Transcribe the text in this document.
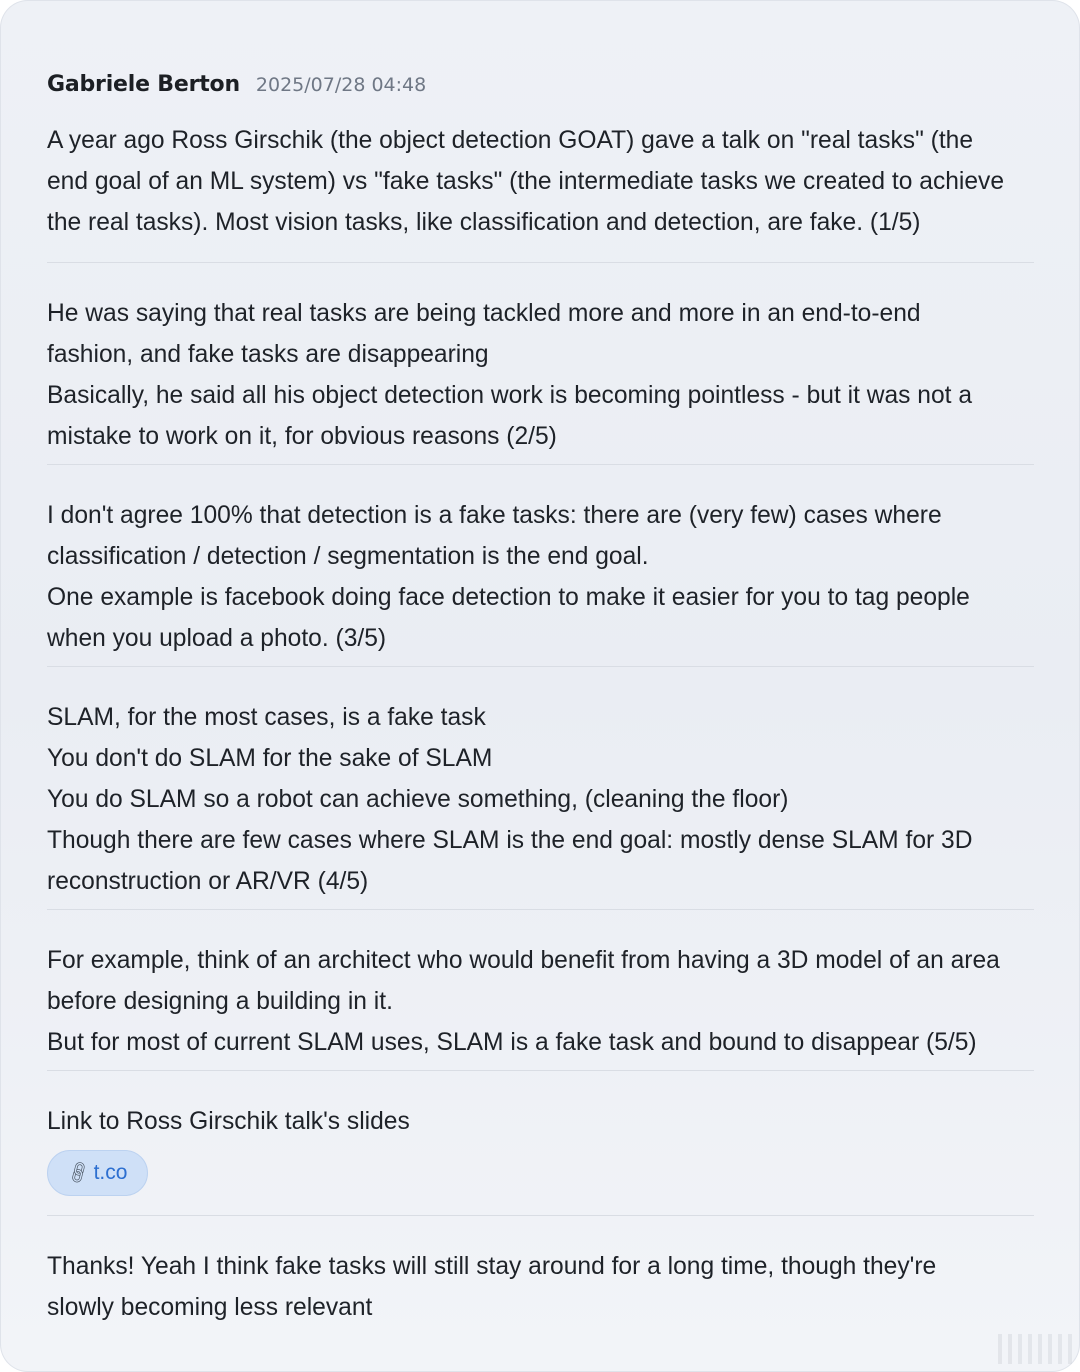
Gabriele Berton 2025/07/28 04:48

A year ago Ross Girschik (the object detection GOAT) gave a talk on "real tasks" (the
end goal of an ML system) vs "fake tasks" (the intermediate tasks we created to achieve
the real tasks). Most vision tasks, like classification and detection, are fake. (1/5)

He was saying that real tasks are being tackled more and more in an end-to-end
fashion, and fake tasks are disappearing
Basically, he said all his object detection work is becoming pointless - but it was not a
mistake to work on it, for obvious reasons (2/5)

I don't agree 100% that detection is a fake tasks: there are (very few) cases where
classification / detection / segmentation is the end goal.
One example is facebook doing face detection to make it easier for you to tag people
when you upload a photo. (3/5)

SLAM, for the most cases, is a fake task
You don't do SLAM for the sake of SLAM
You do SLAM so a robot can achieve something, (cleaning the floor)
Though there are few cases where SLAM is the end goal: mostly dense SLAM for 3D
reconstruction or AR/VR (4/5)

For example, think of an architect who would benefit from having a 3D model of an area
before designing a building in it.
But for most of current SLAM uses, SLAM is a fake task and bound to disappear (5/5)

Link to Ross Girschik talk's slides

🔗︎ t.co

Thanks! Yeah I think fake tasks will still stay around for a long time, though they're
slowly becoming less relevant
